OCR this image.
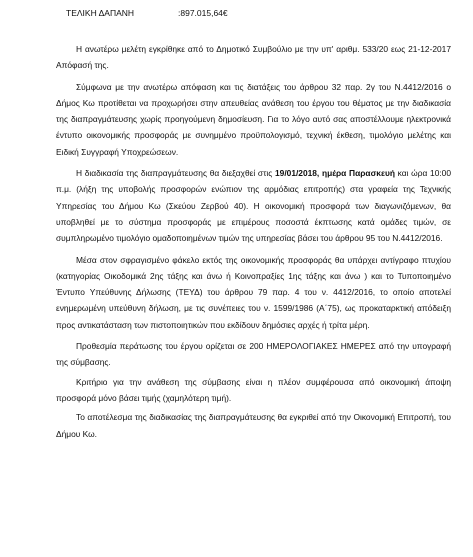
ΤΕΛΙΚΗ ΔΑΠΑΝΗ	:897.015,64€

Η ανωτέρω μελέτη εγκρίθηκε από το Δημοτικό Συμβούλιο με την υπ' αριθμ. 533/20 εως 21-12-2017 Απόφασή της.

Σύμφωνα με την ανωτέρω απόφαση και τις διατάξεις του άρθρου 32 παρ. 2γ του Ν.4412/2016 ο Δήμος Κω προτίθεται να προχωρήσει στην απευθείας ανάθεση του έργου του θέματος με την διαδικασία της διαπραγμάτευσης χωρίς προηγούμενη δημοσίευση. Για το λόγο αυτό σας αποστέλλουμε ηλεκτρονικά έντυπο οικονομικής προσφοράς με συνημμένο προϋπολογισμό, τεχνική έκθεση, τιμολόγιο μελέτης και Ειδική Συγγραφή Υποχρεώσεων.

Η διαδικασία της διαπραγμάτευσης θα διεξαχθεί στις 19/01/2018, ημέρα Παρασκευή και ώρα 10:00 π.μ. (λήξη της υποβολής προσφορών ενώπιον της αρμόδιας επιτροπής) στα γραφεία της Τεχνικής Υπηρεσίας του Δήμου Κω (Σκεύου Ζερβού 40). Η οικονομική προσφορά των διαγωνιζόμενων, θα υποβληθεί με το σύστημα προσφοράς με επιμέρους ποσοστά έκπτωσης κατά ομάδες τιμών, σε συμπληρωμένο τιμολόγιο ομαδοποιημένων τιμών της υπηρεσίας βάσει του άρθρου 95 του Ν.4412/2016.

Μέσα στον σφραγισμένο φάκελο εκτός της οικονομικής προσφοράς θα υπάρχει αντίγραφο πτυχίου (κατηγορίας Οικοδομικά 2ης τάξης και άνω ή Κοινοπραξίες 1ης τάξης και άνω ) και το Τυποποιημένο Έντυπο Υπεύθυνης Δήλωσης (ΤΕΥΔ) του άρθρου 79 παρ. 4 του ν. 4412/2016, το οποίο αποτελεί ενημερωμένη υπεύθυνη δήλωση, με τις συνέπειες του ν. 1599/1986 (Α΄75), ως προκαταρκτική απόδειξη προς αντικατάσταση των πιστοποιητικών που εκδίδουν δημόσιες αρχές ή τρίτα μέρη.

Προθεσμία περάτωσης του έργου ορίζεται σε 200 ΗΜΕΡΟΛΟΓΙΑΚΕΣ ΗΜΕΡΕΣ από την υπογραφή της σύμβασης.

Κριτήριο για την ανάθεση της σύμβασης είναι η πλέον συμφέρουσα από οικονομική άποψη προσφορά μόνο βάσει τιμής (χαμηλότερη τιμή).

Το αποτέλεσμα της διαδικασίας της διαπραγμάτευσης θα εγκριθεί από την Οικονομική Επιτροπή, του Δήμου Κω.
